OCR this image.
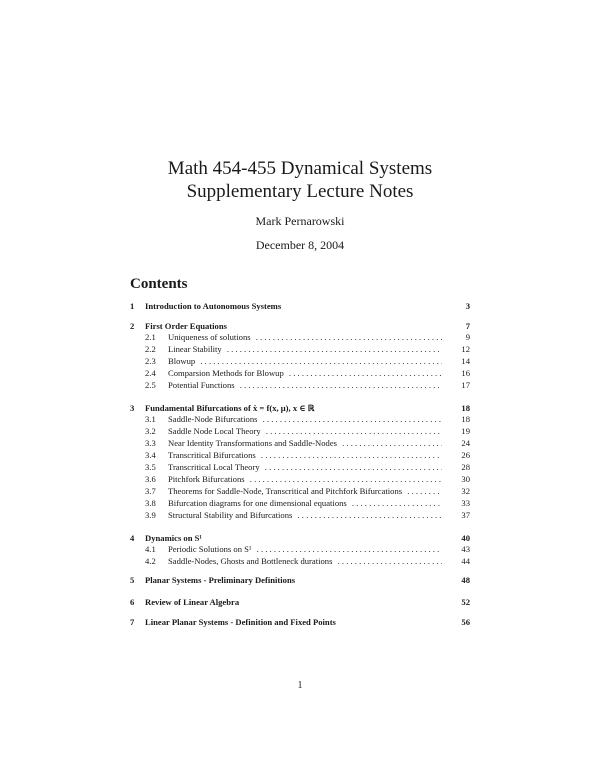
Math 454-455 Dynamical Systems
Supplementary Lecture Notes
Mark Pernarowski
December 8, 2004
Contents
1 Introduction to Autonomous Systems	3
2 First Order Equations	7
2.1 Uniqueness of solutions . . .	9
2.2 Linear Stability . . .	12
2.3 Blowup . . .	14
2.4 Comparsion Methods for Blowup . . .	16
2.5 Potential Functions . . .	17
3 Fundamental Bifurcations of ẋ = f(x, μ), x ∈ ℝ	18
3.1 Saddle-Node Bifurcations . . .	18
3.2 Saddle Node Local Theory . . .	19
3.3 Near Identity Transformations and Saddle-Nodes . . .	24
3.4 Transcritical Bifurcations . . .	26
3.5 Transcritical Local Theory . . .	28
3.6 Pitchfork Bifurcations . . .	30
3.7 Theorems for Saddle-Node, Transcritical and Pitchfork Bifurcations . . .	32
3.8 Bifurcation diagrams for one dimensional equations . . .	33
3.9 Structural Stability and Bifurcations . . .	37
4 Dynamics on S¹	40
4.1 Periodic Solutions on S¹ . . .	43
4.2 Saddle-Nodes, Ghosts and Bottleneck durations . . .	44
5 Planar Systems - Preliminary Definitions	48
6 Review of Linear Algebra	52
7 Linear Planar Systems - Definition and Fixed Points	56
1
